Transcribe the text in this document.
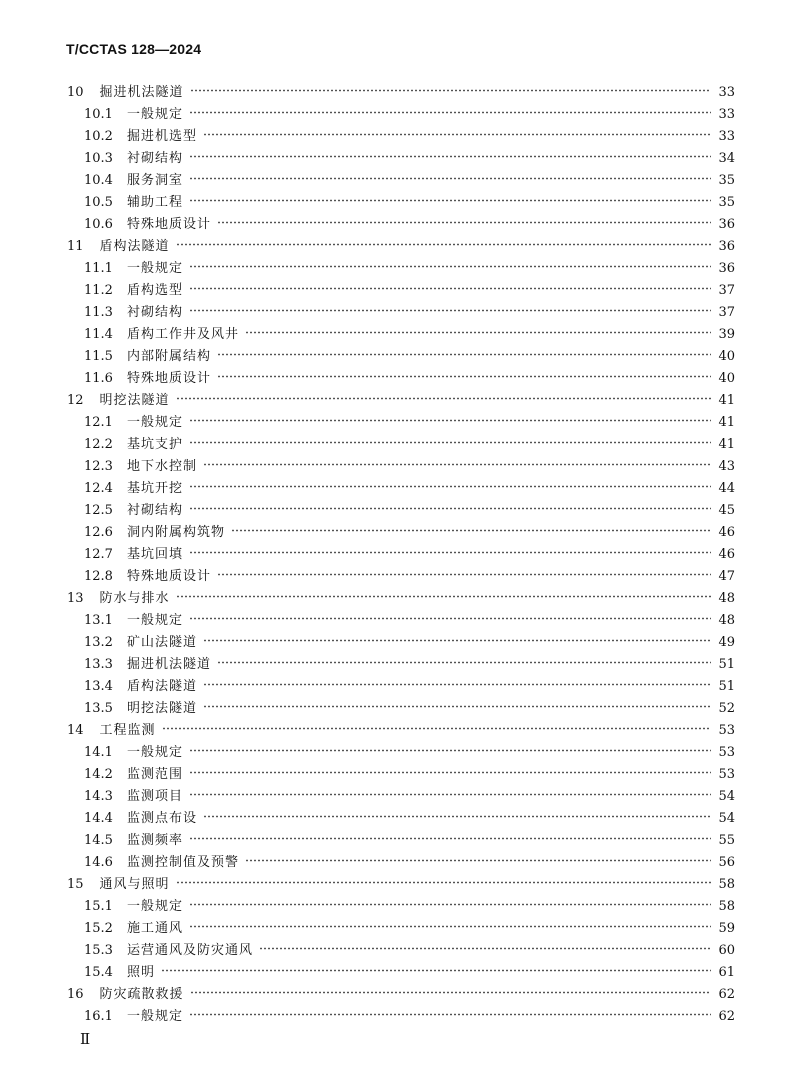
T/CCTAS 128—2024
10 掘进机法隧道	33
10.1 一般规定	33
10.2 掘进机选型	33
10.3 衬砌结构	34
10.4 服务洞室	35
10.5 辅助工程	35
10.6 特殊地质设计	36
11 盾构法隧道	36
11.1 一般规定	36
11.2 盾构选型	37
11.3 衬砌结构	37
11.4 盾构工作井及风井	39
11.5 内部附属结构	40
11.6 特殊地质设计	40
12 明挖法隧道	41
12.1 一般规定	41
12.2 基坑支护	41
12.3 地下水控制	43
12.4 基坑开挖	44
12.5 衬砌结构	45
12.6 洞内附属构筑物	46
12.7 基坑回填	46
12.8 特殊地质设计	47
13 防水与排水	48
13.1 一般规定	48
13.2 矿山法隧道	49
13.3 掘进机法隧道	51
13.4 盾构法隧道	51
13.5 明挖法隧道	52
14 工程监测	53
14.1 一般规定	53
14.2 监测范围	53
14.3 监测项目	54
14.4 监测点布设	54
14.5 监测频率	55
14.6 监测控制值及预警	56
15 通风与照明	58
15.1 一般规定	58
15.2 施工通风	59
15.3 运营通风及防灾通风	60
15.4 照明	61
16 防灾疏散救援	62
16.1 一般规定	62
Ⅱ
